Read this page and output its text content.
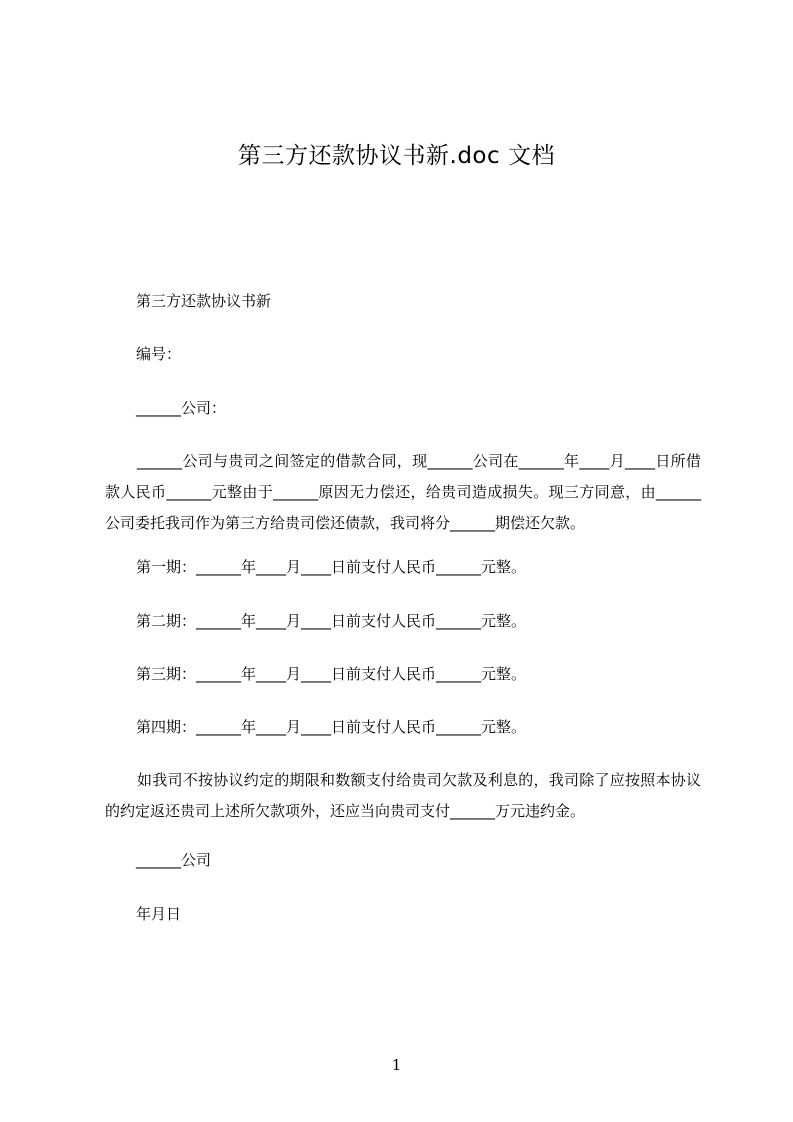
第三方还款协议书新.doc 文档
第三方还款协议书新
编号：
______公司：

______公司与贵司之间签定的借款合同，现______公司在______年____月____日所借款人民币______元整由于______原因无力偿还，给贵司造成损失。现三方同意，由______公司委托我司作为第三方给贵司偿还债款，我司将分______期偿还欠款。

第一期：______年____月____日前支付人民币______元整。
第二期：______年____月____日前支付人民币______元整。
第三期：______年____月____日前支付人民币______元整。
第四期：______年____月____日前支付人民币______元整。

如我司不按协议约定的期限和数额支付给贵司欠款及利息的，我司除了应按照本协议的约定返还贵司上述所欠款项外，还应当向贵司支付______万元违约金。

______公司
年月日
1
